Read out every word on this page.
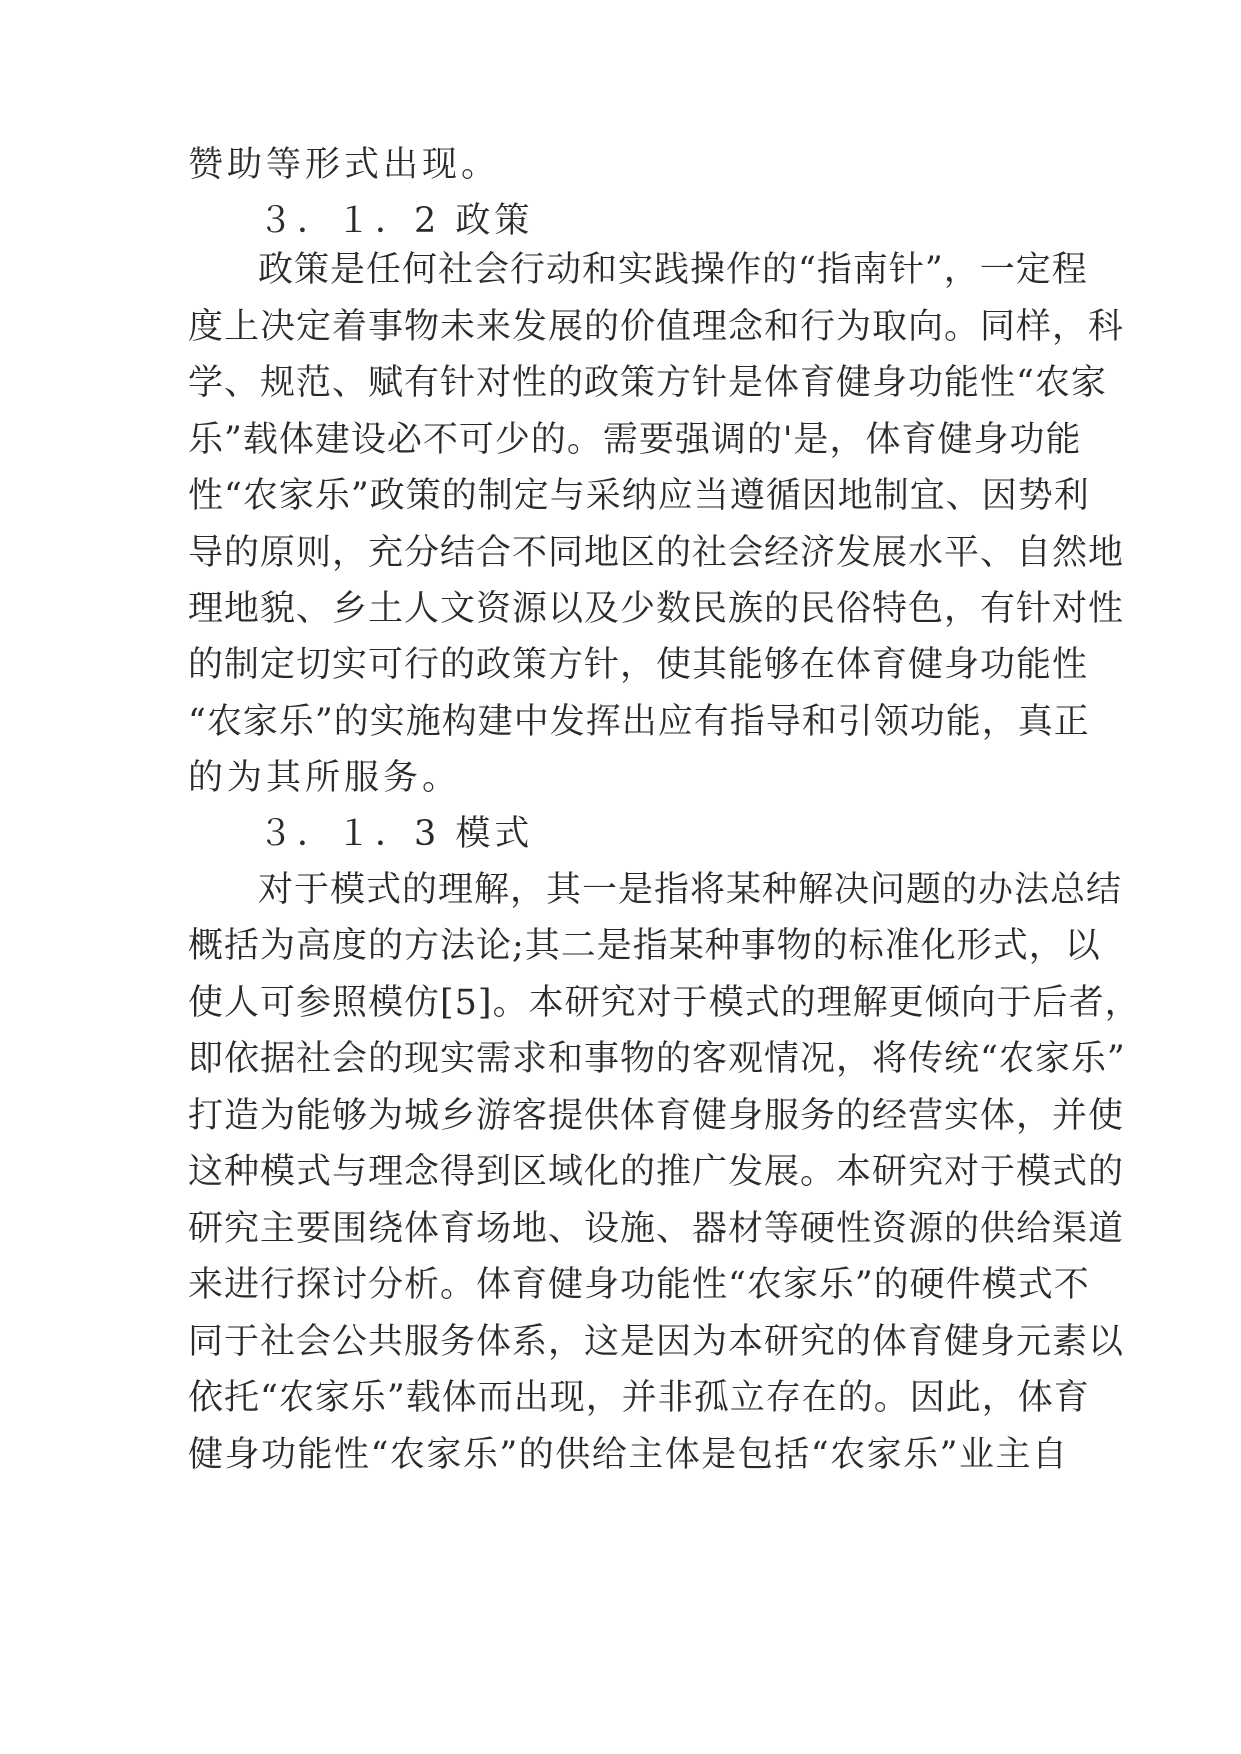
赞助等形式出现。
３．１．2 政策
政策是任何社会行动和实践操作的“指南针”，一定程
度上决定着事物未来发展的价值理念和行为取向。同样，科
学、规范、赋有针对性的政策方针是体育健身功能性“农家
乐”载体建设必不可少的。需要强调的'是，体育健身功能
性“农家乐”政策的制定与采纳应当遵循因地制宜、因势利
导的原则，充分结合不同地区的社会经济发展水平、自然地
理地貌、乡土人文资源以及少数民族的民俗特色，有针对性
的制定切实可行的政策方针，使其能够在体育健身功能性
“农家乐”的实施构建中发挥出应有指导和引领功能，真正
的为其所服务。
３．１．3 模式
对于模式的理解，其一是指将某种解决问题的办法总结
概括为高度的方法论;其二是指某种事物的标准化形式，以
使人可参照模仿[5]。本研究对于模式的理解更倾向于后者，
即依据社会的现实需求和事物的客观情况，将传统“农家乐”
打造为能够为城乡游客提供体育健身服务的经营实体，并使
这种模式与理念得到区域化的推广发展。本研究对于模式的
研究主要围绕体育场地、设施、器材等硬性资源的供给渠道
来进行探讨分析。体育健身功能性“农家乐”的硬件模式不
同于社会公共服务体系，这是因为本研究的体育健身元素以
依托“农家乐”载体而出现，并非孤立存在的。因此，体育
健身功能性“农家乐”的供给主体是包括“农家乐”业主自
